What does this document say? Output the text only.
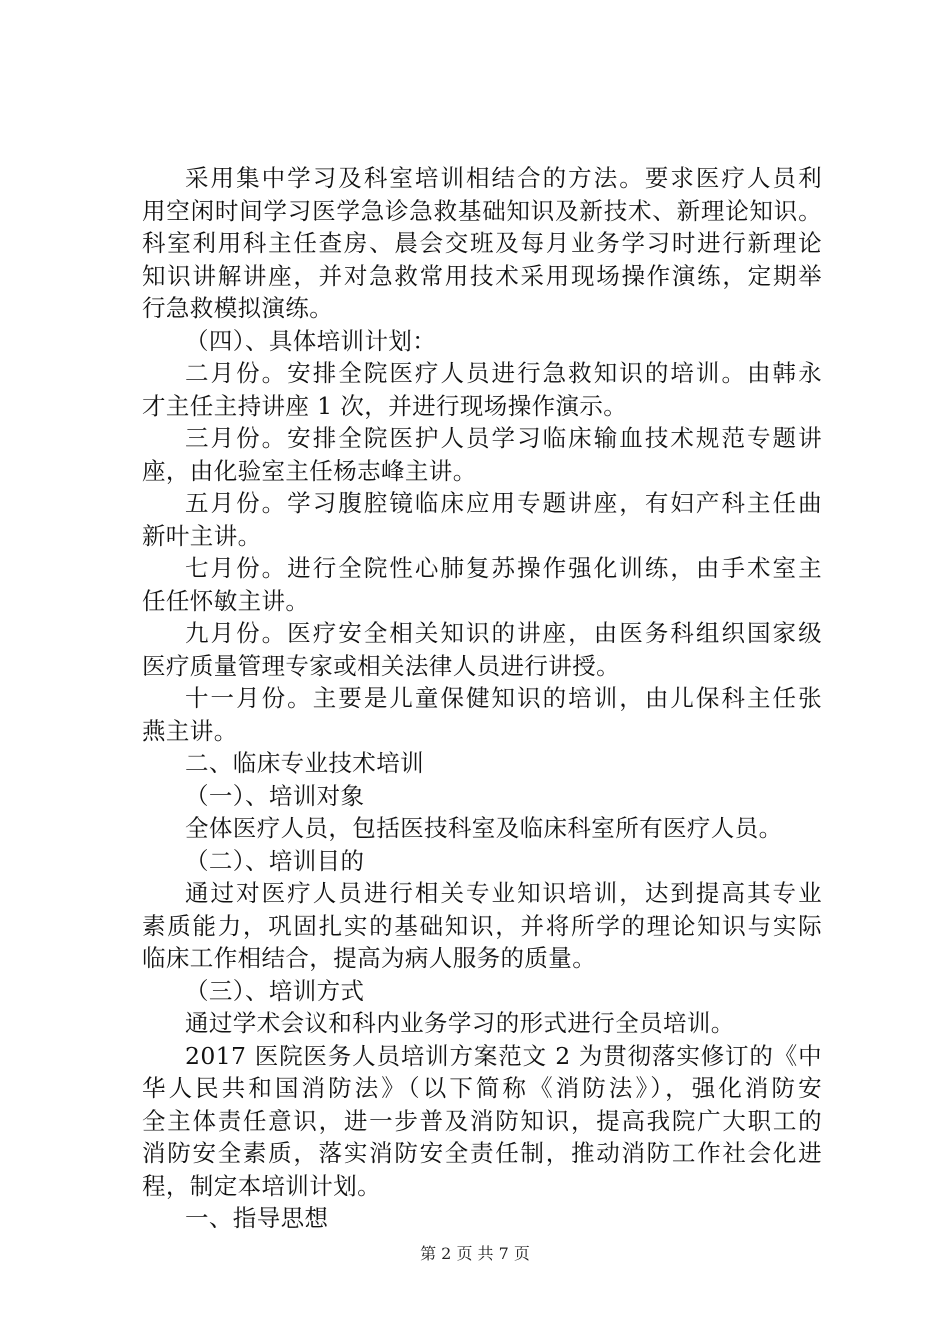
采用集中学习及科室培训相结合的方法。要求医疗人员利
用空闲时间学习医学急诊急救基础知识及新技术、新理论知识。
科室利用科主任查房、晨会交班及每月业务学习时进行新理论
知识讲解讲座，并对急救常用技术采用现场操作演练，定期举
行急救模拟演练。
（四）、具体培训计划：
二月份。安排全院医疗人员进行急救知识的培训。由韩永
才主任主持讲座 1 次，并进行现场操作演示。
三月份。安排全院医护人员学习临床输血技术规范专题讲
座，由化验室主任杨志峰主讲。
五月份。学习腹腔镜临床应用专题讲座，有妇产科主任曲
新叶主讲。
七月份。进行全院性心肺复苏操作强化训练，由手术室主
任任怀敏主讲。
九月份。医疗安全相关知识的讲座，由医务科组织国家级
医疗质量管理专家或相关法律人员进行讲授。
十一月份。主要是儿童保健知识的培训，由儿保科主任张
燕主讲。
二、临床专业技术培训
（一）、培训对象
全体医疗人员，包括医技科室及临床科室所有医疗人员。
（二）、培训目的
通过对医疗人员进行相关专业知识培训，达到提高其专业
素质能力，巩固扎实的基础知识，并将所学的理论知识与实际
临床工作相结合，提高为病人服务的质量。
（三）、培训方式
通过学术会议和科内业务学习的形式进行全员培训。
2017 医院医务人员培训方案范文 2 为贯彻落实修订的《中
华人民共和国消防法》（以下简称《消防法》），强化消防安
全主体责任意识，进一步普及消防知识，提高我院广大职工的
消防安全素质，落实消防安全责任制，推动消防工作社会化进
程，制定本培训计划。
一、指导思想
第 2 页 共 7 页
